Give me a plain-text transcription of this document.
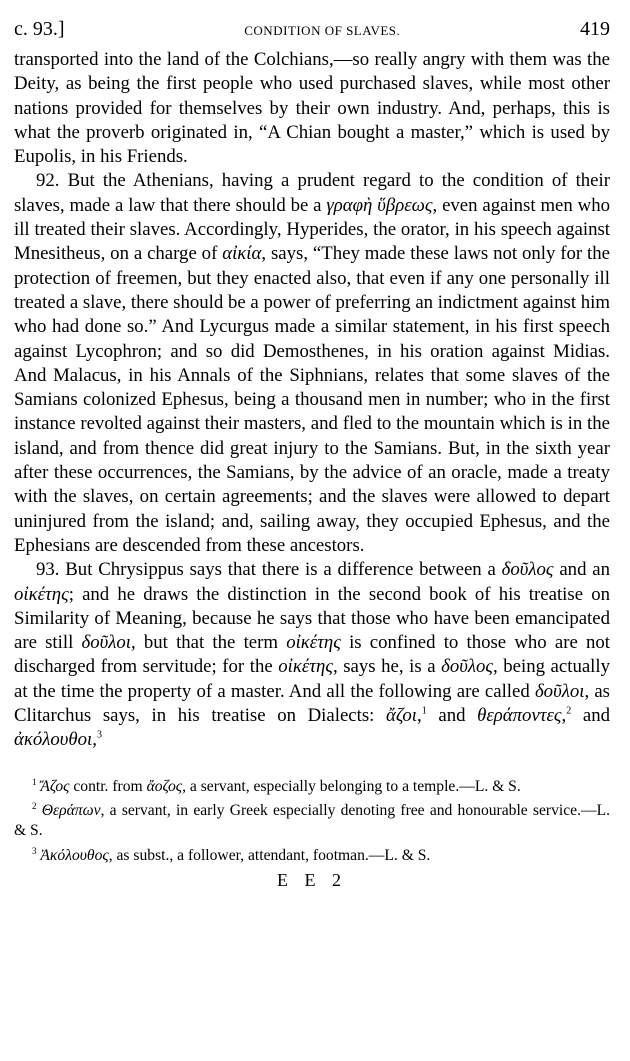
c. 93.]	CONDITION OF SLAVES.	419

transported into the land of the Colchians,—so really angry with them was the Deity, as being the first people who used purchased slaves, while most other nations provided for themselves by their own industry. And, perhaps, this is what the proverb originated in, “A Chian bought a master,” which is used by Eupolis, in his Friends.

92. But the Athenians, having a prudent regard to the condition of their slaves, made a law that there should be a γραφὴ ὕβρεως, even against men who ill treated their slaves. Accordingly, Hyperides, the orator, in his speech against Mnesitheus, on a charge of αἰκία, says, “They made these laws not only for the protection of freemen, but they enacted also, that even if any one personally ill treated a slave, there should be a power of preferring an indictment against him who had done so.” And Lycurgus made a similar statement, in his first speech against Lycophron; and so did Demosthenes, in his oration against Midias. And Malacus, in his Annals of the Siphnians, relates that some slaves of the Samians colonized Ephesus, being a thousand men in number; who in the first instance revolted against their masters, and fled to the mountain which is in the island, and from thence did great injury to the Samians. But, in the sixth year after these occurrences, the Samians, by the advice of an oracle, made a treaty with the slaves, on certain agreements; and the slaves were allowed to depart uninjured from the island; and, sailing away, they occupied Ephesus, and the Ephesians are descended from these ancestors.

93. But Chrysippus says that there is a difference between a δοῦλος and an οἰκέτης; and he draws the distinction in the second book of his treatise on Similarity of Meaning, because he says that those who have been emancipated are still δοῦλοι, but that the term οἰκέτης is confined to those who are not discharged from servitude; for the οἰκέτης, says he, is a δοῦλος, being actually at the time the property of a master. And all the following are called δοῦλοι, as Clitarchus says, in his treatise on Dialects: ἄζοι,$^1$ and θεράποντες,$^2$ and ἀκόλουθοι,$^3$

$^1$ Ἄζος contr. from ἄοζος, a servant, especially belonging to a temple.—L. & S.

$^2$ Θεράπων, a servant, in early Greek especially denoting free and honourable service.—L. & S.

$^3$ Ἀκόλουθος, as subst., a follower, attendant, footman.—L. & S.

E E 2
